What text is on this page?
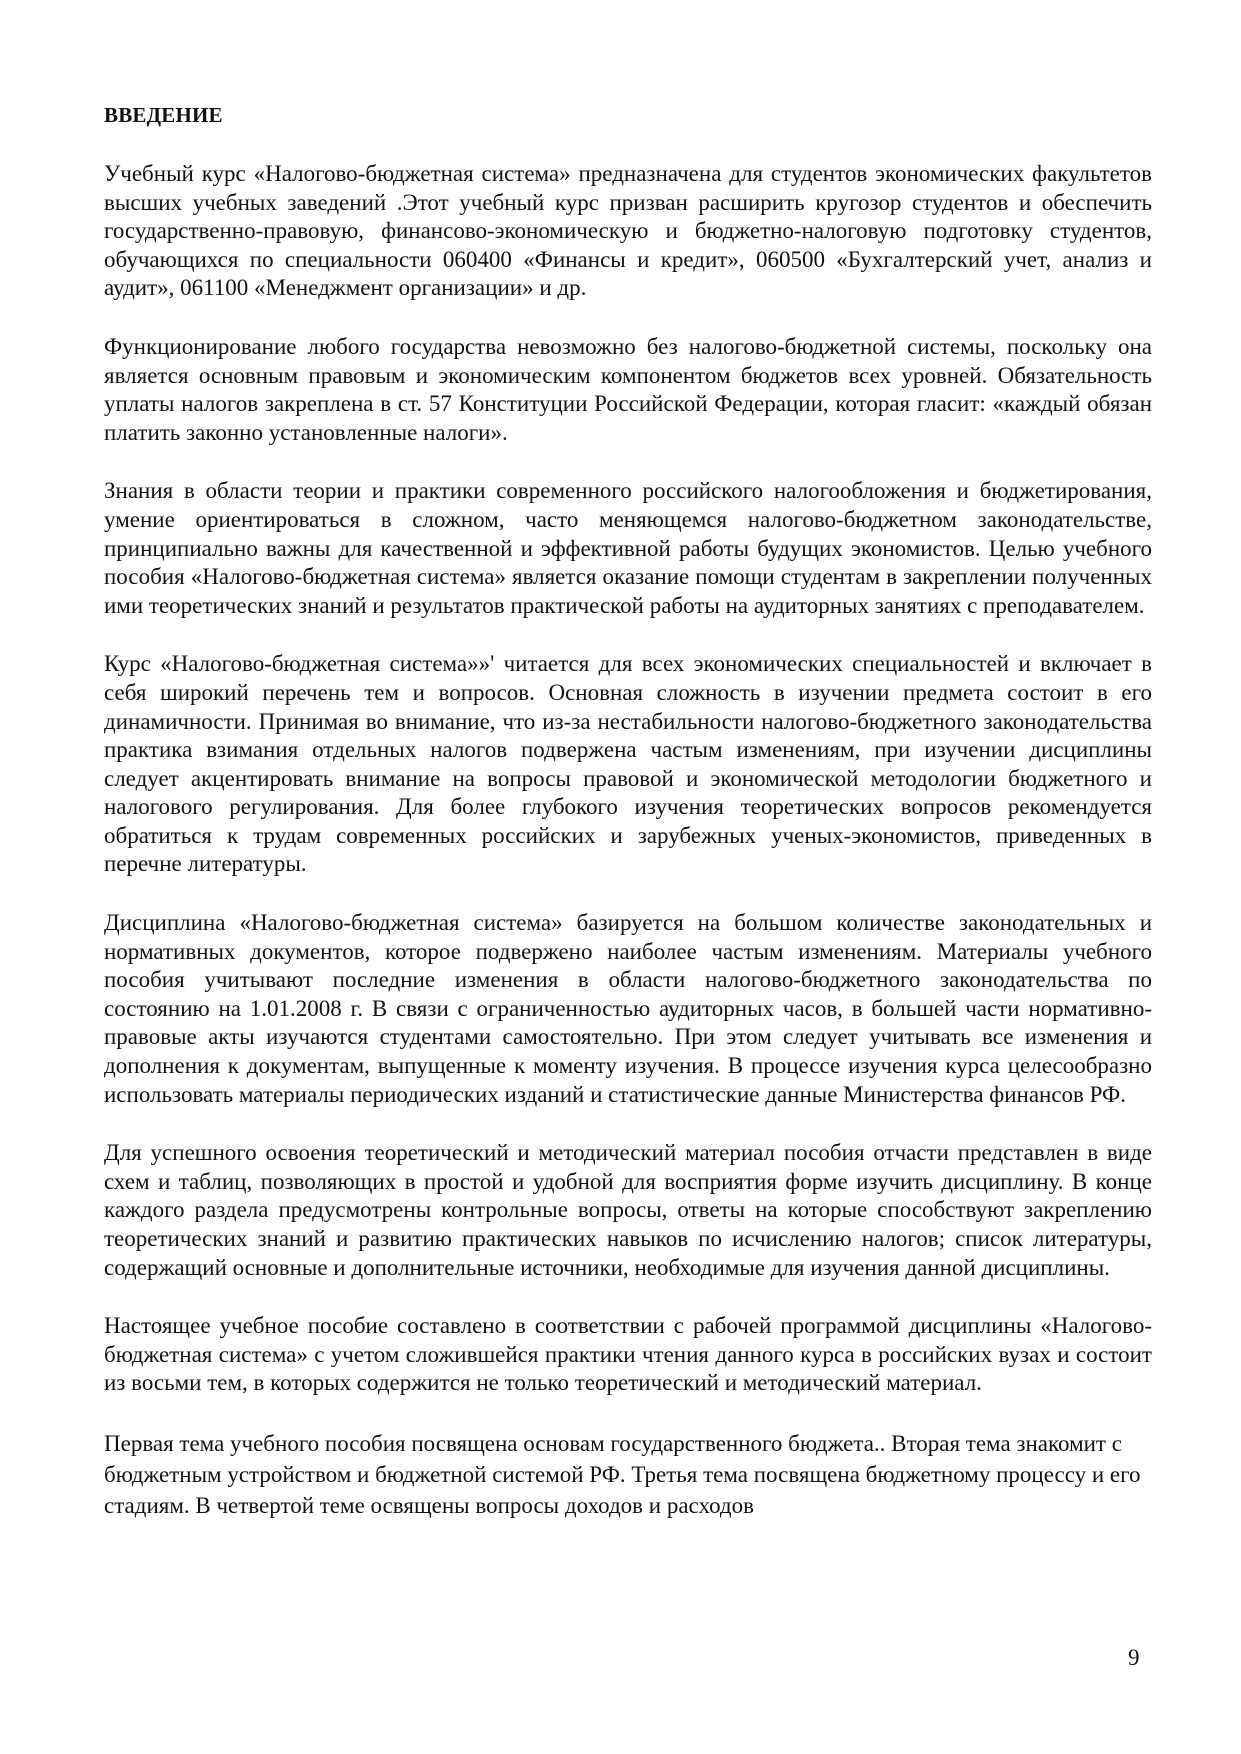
ВВЕДЕНИЕ

Учебный курс «Налогово-бюджетная система» предназначена для студентов экономических факультетов высших учебных заведений .Этот учебный курс призван расширить кругозор студентов и обеспечить государственно-правовую, финансово-экономическую и бюджетно-налоговую подготовку студентов, обучающихся по специальности 060400 «Финансы и кредит», 060500 «Бухгалтерский учет, анализ и аудит», 061100 «Менеджмент организации» и др.

Функционирование любого государства невозможно без налогово-бюджетной системы, поскольку она является основным правовым и экономическим компонентом бюджетов всех уровней. Обязательность уплаты налогов закреплена в ст. 57 Конституции Российской Федерации, которая гласит: «каждый обязан платить законно установленные налоги».

Знания в области теории и практики современного российского налогообложения и бюджетирования, умение ориентироваться в сложном, часто меняющемся налогово-бюджетном законодательстве, принципиально важны для качественной и эффективной работы будущих экономистов. Целью учебного пособия «Налогово-бюджетная система» является оказание помощи студентам в закреплении полученных ими теоретических знаний и результатов практической работы на аудиторных занятиях с преподавателем.

Курс «Налогово-бюджетная система»»' читается для всех экономических специальностей и включает в себя широкий перечень тем и вопросов. Основная сложность в изучении предмета состоит в его динамичности. Принимая во внимание, что из-за нестабильности налогово-бюджетного законодательства практика взимания отдельных налогов подвержена частым изменениям, при изучении дисциплины следует акцентировать внимание на вопросы правовой и экономической методологии бюджетного и налогового регулирования. Для более глубокого изучения теоретических вопросов рекомендуется обратиться к трудам современных российских и зарубежных ученых-экономистов, приведенных в перечне литературы.

Дисциплина «Налогово-бюджетная система» базируется на большом количестве законодательных и нормативных документов, которое подвержено наиболее частым изменениям. Материалы учебного пособия учитывают последние изменения в области налогово-бюджетного законодательства по состоянию на 1.01.2008 г. В связи с ограниченностью аудиторных часов, в большей части нормативно-правовые акты изучаются студентами самостоятельно. При этом следует учитывать все изменения и дополнения к документам, выпущенные к моменту изучения. В процессе изучения курса целесообразно использовать материалы периодических изданий и статистические данные Министерства финансов РФ.

Для успешного освоения теоретический и методический материал пособия отчасти представлен в виде схем и таблиц, позволяющих в простой и удобной для восприятия форме изучить дисциплину. В конце каждого раздела предусмотрены контрольные вопросы, ответы на которые способствуют закреплению теоретических знаний и развитию практических навыков по исчислению налогов; список литературы, содержащий основные и дополнительные источники, необходимые для изучения данной дисциплины.

Настоящее учебное пособие составлено в соответствии с рабочей программой дисциплины «Налогово-бюджетная система» с учетом сложившейся практики чтения данного курса в российских вузах и состоит из восьми тем, в которых содержится не только теоретический и методический материал.

Первая тема учебного пособия посвящена основам государственного бюджета.. Вторая тема знакомит с бюджетным устройством и бюджетной системой РФ. Третья тема посвящена бюджетному процессу и его стадиям. В четвертой теме освящены вопросы доходов и расходов

9
